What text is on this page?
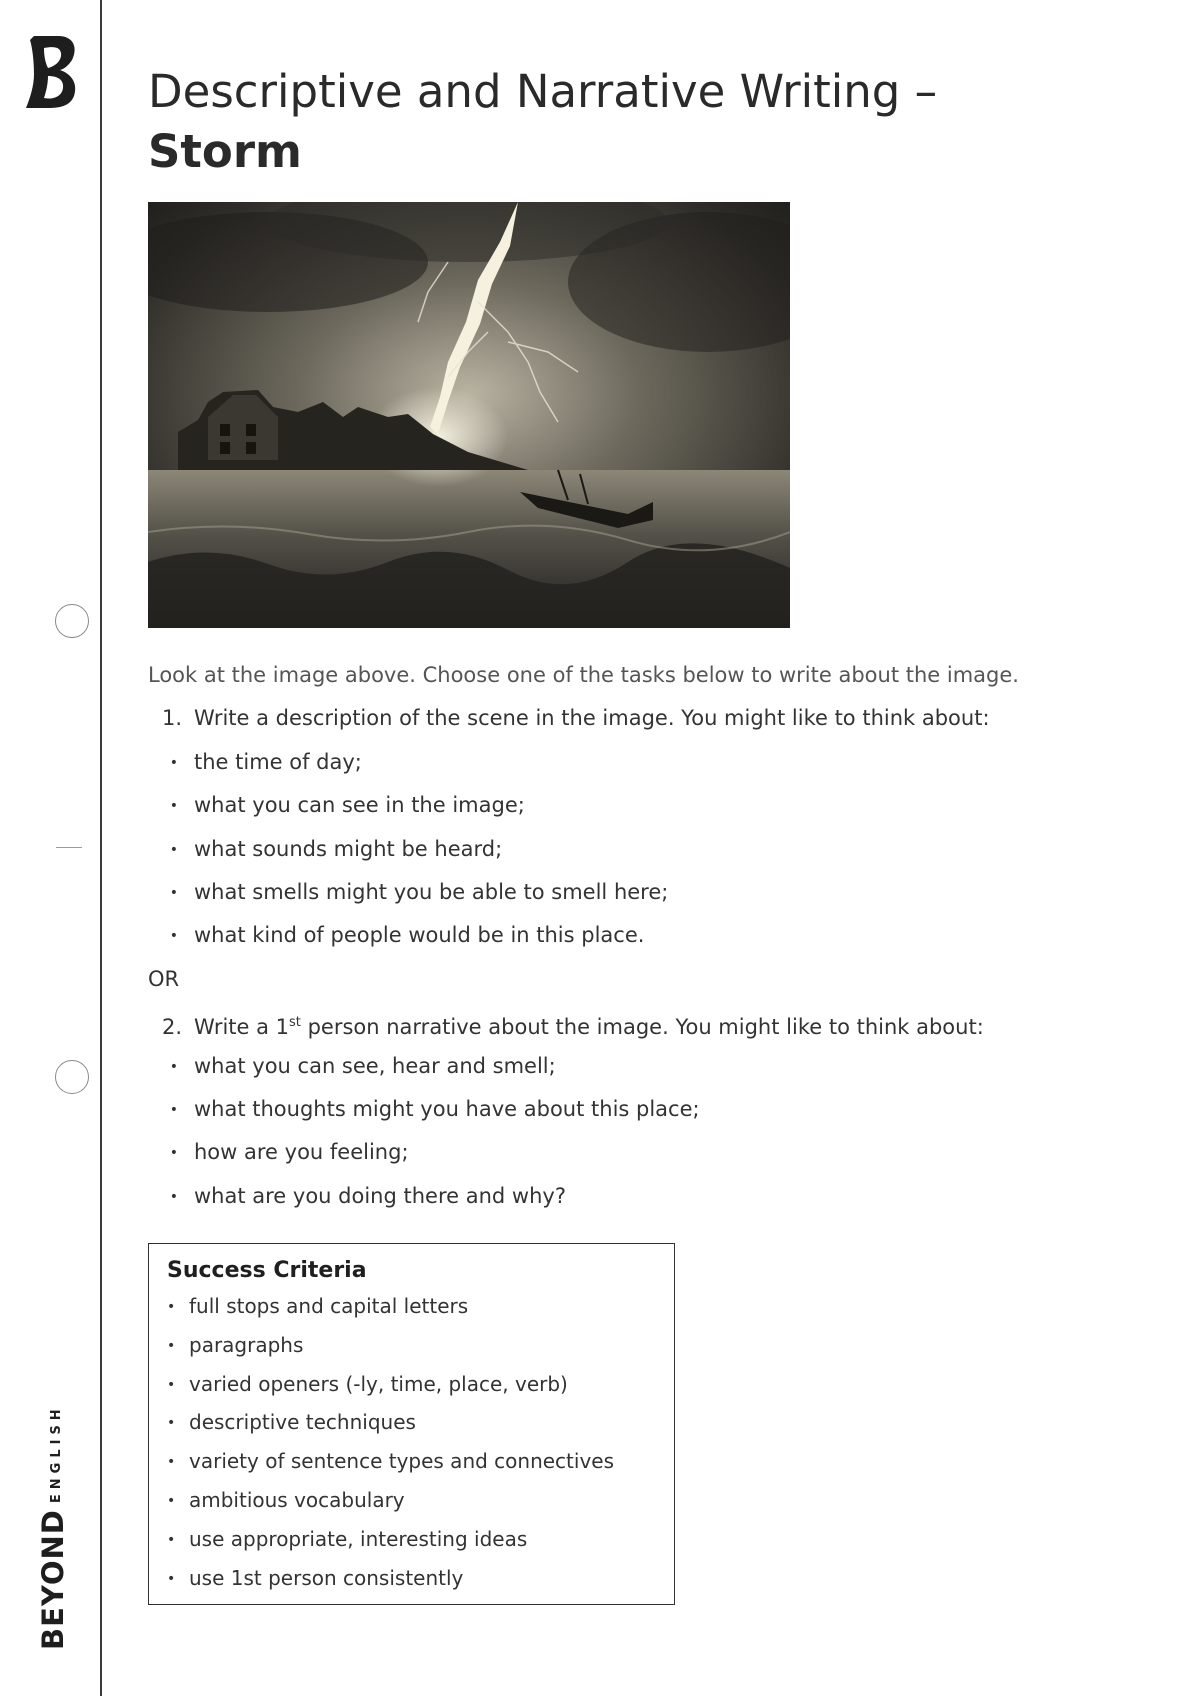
BEYONDENGLISH
Descriptive and Narrative Writing –
Storm
Look at the image above. Choose one of the tasks below to write about the image.
1. Write a description of the scene in the image. You might like to think about:
• the time of day;
• what you can see in the image;
• what sounds might be heard;
• what smells might you be able to smell here;
• what kind of people would be in this place.
OR
2. Write a 1st person narrative about the image. You might like to think about:
• what you can see, hear and smell;
• what thoughts might you have about this place;
• how are you feeling;
• what are you doing there and why?
Success Criteria
• full stops and capital letters
• paragraphs
• varied openers (-ly, time, place, verb)
• descriptive techniques
• variety of sentence types and connectives
• ambitious vocabulary
• use appropriate, interesting ideas
• use 1st person consistently
